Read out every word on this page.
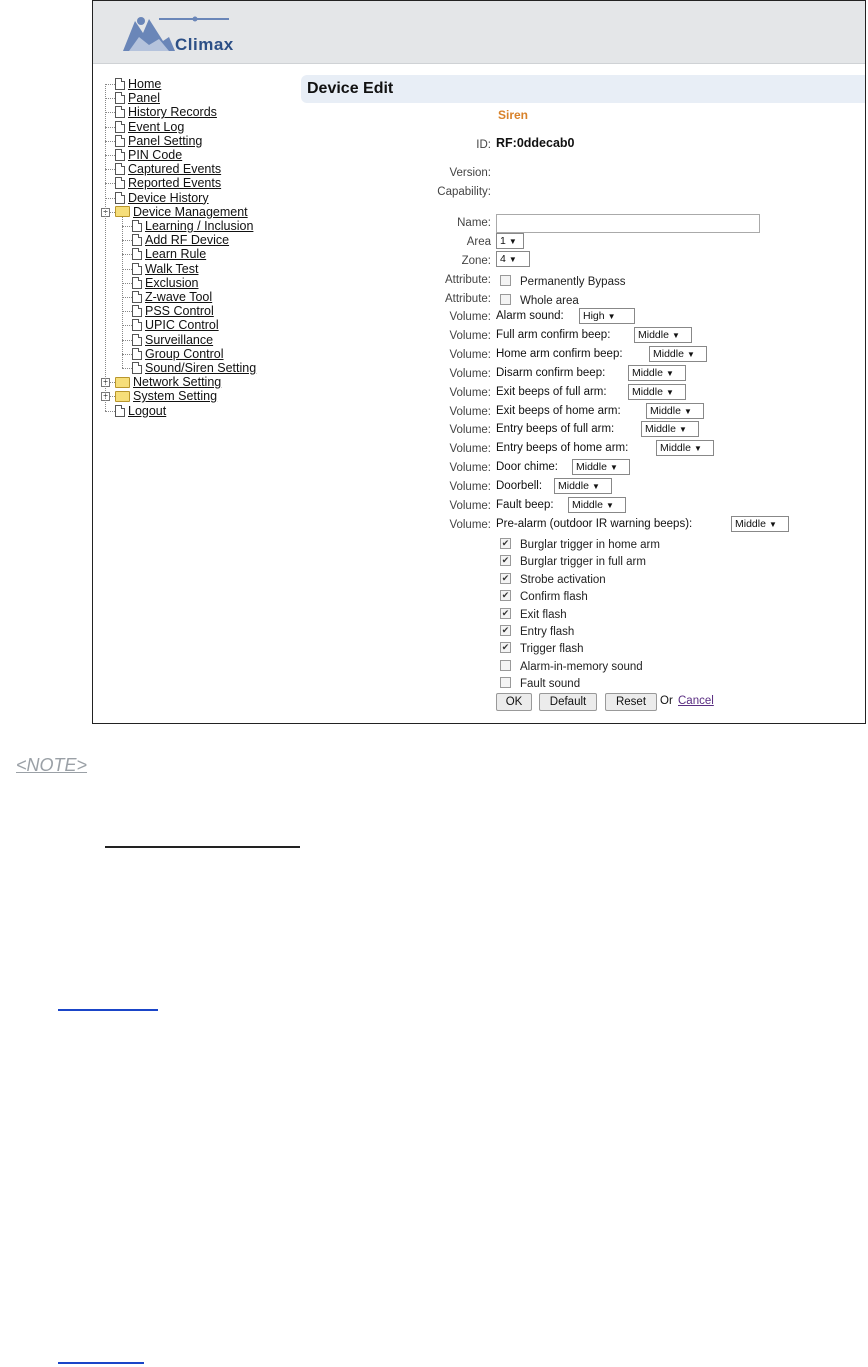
Climax
Home
Panel
History Records
Event Log
Panel Setting
PIN Code
Captured Events
Reported Events
Device History
Device Management
−
Learning / Inclusion
Add RF Device
Learn Rule
Walk Test
Exclusion
Z-wave Tool
PSS Control
UPIC Control
Surveillance
Group Control
Sound/Siren Setting
Network Setting
+
System Setting
+
Logout
Device Edit
Siren
ID: RF:0ddecab0
Version:
Capability:
Name:
Area 1 ▼
Zone: 4 ▼
Attribute:	Permanently Bypass
Attribute:	Whole area
Volume: Alarm sound:	High ▼
Volume: Full arm confirm beep:	Middle ▼
Volume: Home arm confirm beep:	Middle ▼
Volume: Disarm confirm beep:	Middle ▼
Volume: Exit beeps of full arm:	Middle ▼
Volume: Exit beeps of home arm:	Middle ▼
Volume: Entry beeps of full arm:	Middle ▼
Volume: Entry beeps of home arm:	Middle ▼
Volume: Door chime:	Middle ▼
Volume: Doorbell:	Middle ▼
Volume: Fault beep:	Middle ▼
Volume: Pre-alarm (outdoor IR warning beeps):	Middle ▼
✔ Burglar trigger in home arm
✔ Burglar trigger in full arm
✔ Strobe activation
✔ Confirm flash
✔ Exit flash
✔ Entry flash
✔ Trigger flash
Alarm-in-memory sound
Fault sound
OK	Default	Reset	Or Cancel
<NOTE>
